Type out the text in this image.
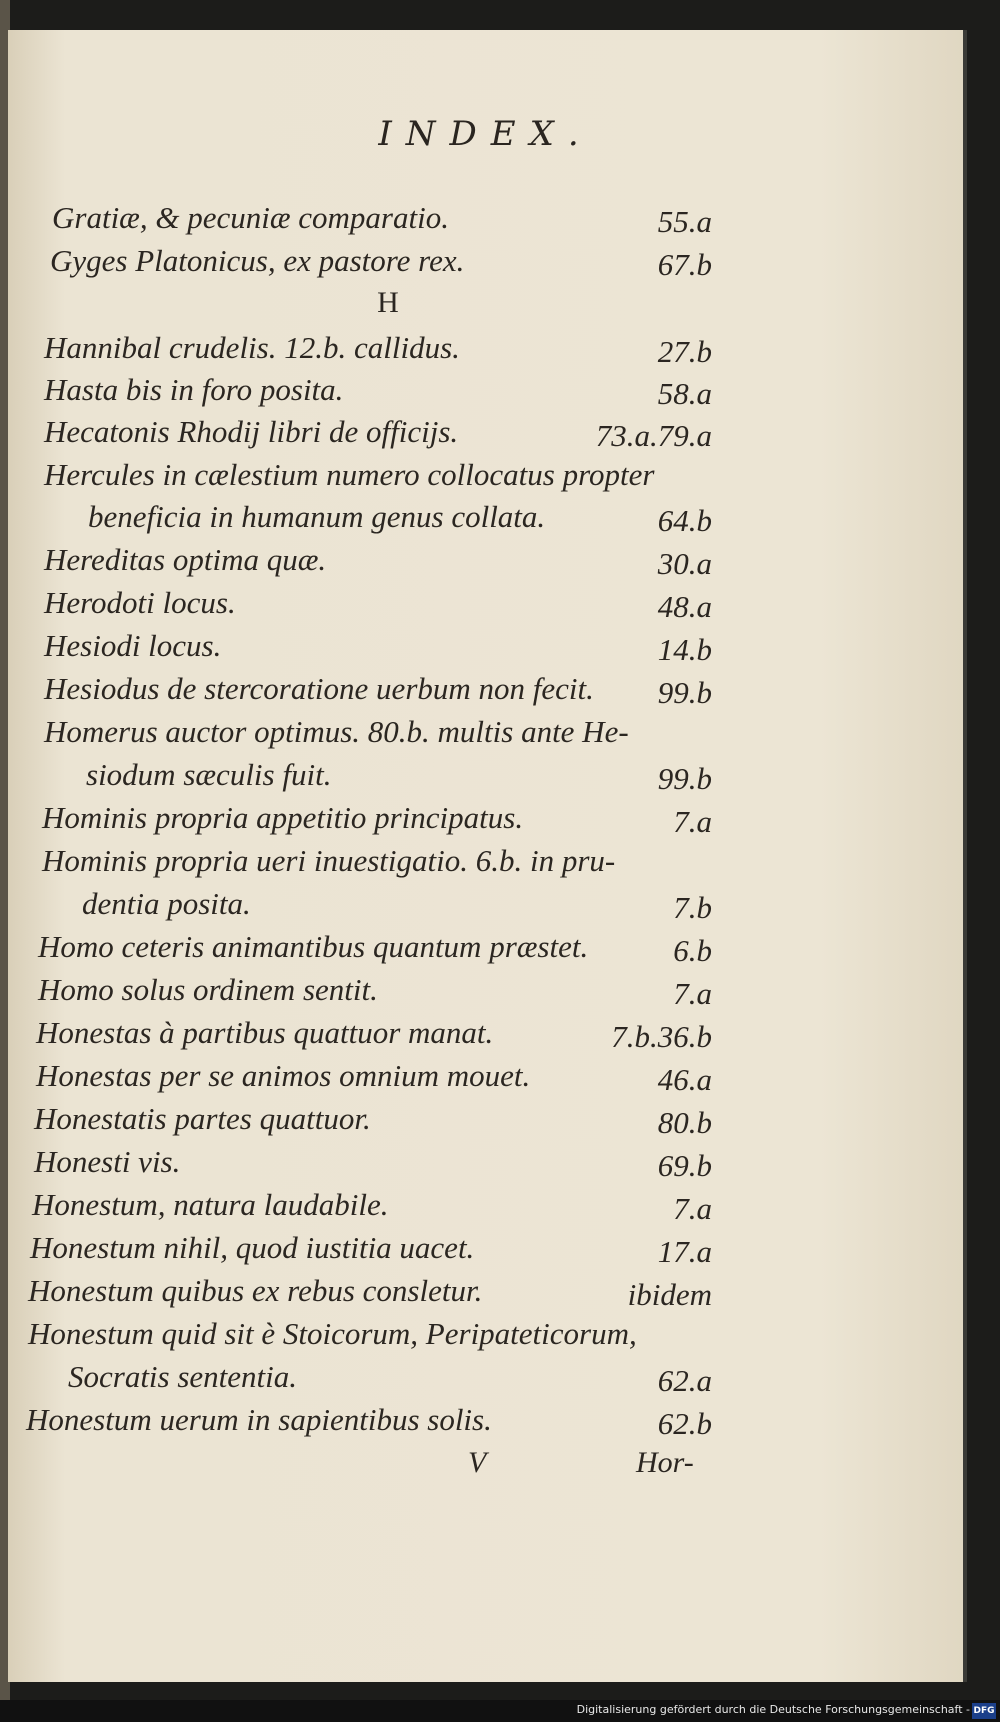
INDEX.
Gratiæ, & pecuniæ comparatio.	55.a
Gyges Platonicus, ex pastore rex.	67.b
H
Hannibal crudelis. 12.b. callidus.	27.b
Hasta bis in foro posita.	58.a
Hecatonis Rhodij libri de officijs.	73.a.79.a
Hercules in cælestium numero collocatus propter
beneficia in humanum genus collata.	64.b
Hereditas optima quæ.	30.a
Herodoti locus.	48.a
Hesiodi locus.	14.b
Hesiodus de stercoratione uerbum non fecit. 99.b
Homerus auctor optimus. 80.b. multis ante He-
siodum sæculis fuit.	99.b
Hominis propria appetitio principatus.	7.a
Hominis propria ueri inuestigatio. 6.b. in pru-
dentia posita.	7.b
Homo ceteris animantibus quantum præstet.	6.b
Homo solus ordinem sentit.	7.a
Honestas à partibus quattuor manat.	7.b.36.b
Honestas per se animos omnium mouet.	46.a
Honestatis partes quattuor.	80.b
Honesti vis.	69.b
Honestum, natura laudabile.	7.a
Honestum nihil, quod iustitia uacet.	17.a
Honestum quibus ex rebus consletur.	ibidem
Honestum quid sit è Stoicorum, Peripateticorum,
Socratis sententia.	62.a
Honestum uerum in sapientibus solis.	62.b
V	Hor-
Digitalisierung gefördert durch die Deutsche Forschungsgemeinschaft - DFG
